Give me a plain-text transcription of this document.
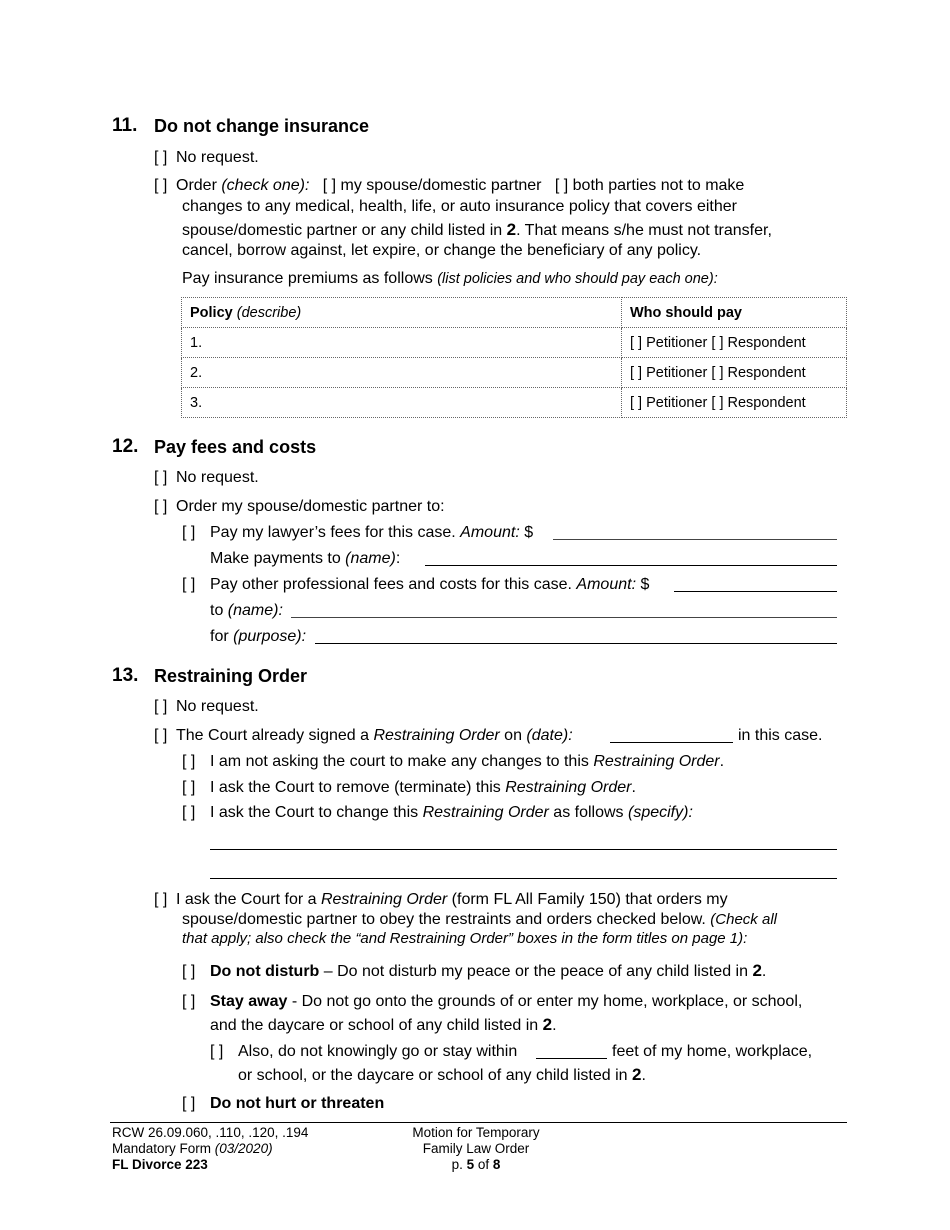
11. Do not change insurance
[ ] No request.
[ ] Order (check one): [ ] my spouse/domestic partner [ ] both parties not to make
changes to any medical, health, life, or auto insurance policy that covers either
spouse/domestic partner or any child listed in 2. That means s/he must not transfer,
cancel, borrow against, let expire, or change the beneficiary of any policy.
Pay insurance premiums as follows (list policies and who should pay each one):
Policy (describe)	Who should pay
1.	[ ] Petitioner [ ] Respondent
2.	[ ] Petitioner [ ] Respondent
3.	[ ] Petitioner [ ] Respondent
12. Pay fees and costs
[ ] No request.
[ ] Order my spouse/domestic partner to:
[ ] Pay my lawyer’s fees for this case. Amount: $
Make payments to (name):
[ ] Pay other professional fees and costs for this case. Amount: $
to (name):
for (purpose):
13. Restraining Order
[ ] No request.
[ ] The Court already signed a Restraining Order on (date):	in this case.
[ ] I am not asking the court to make any changes to this Restraining Order.
[ ] I ask the Court to remove (terminate) this Restraining Order.
[ ] I ask the Court to change this Restraining Order as follows (specify):
[ ] I ask the Court for a Restraining Order (form FL All Family 150) that orders my
spouse/domestic partner to obey the restraints and orders checked below. (Check all
that apply; also check the “and Restraining Order” boxes in the form titles on page 1):
[ ] Do not disturb – Do not disturb my peace or the peace of any child listed in 2.
[ ] Stay away - Do not go onto the grounds of or enter my home, workplace, or school,
and the daycare or school of any child listed in 2.
[ ] Also, do not knowingly go or stay within	feet of my home, workplace,
or school, or the daycare or school of any child listed in 2.
[ ] Do not hurt or threaten
RCW 26.09.060, .110, .120, .194
Mandatory Form (03/2020)
FL Divorce 223
Motion for Temporary
Family Law Order
p. 5 of 8
